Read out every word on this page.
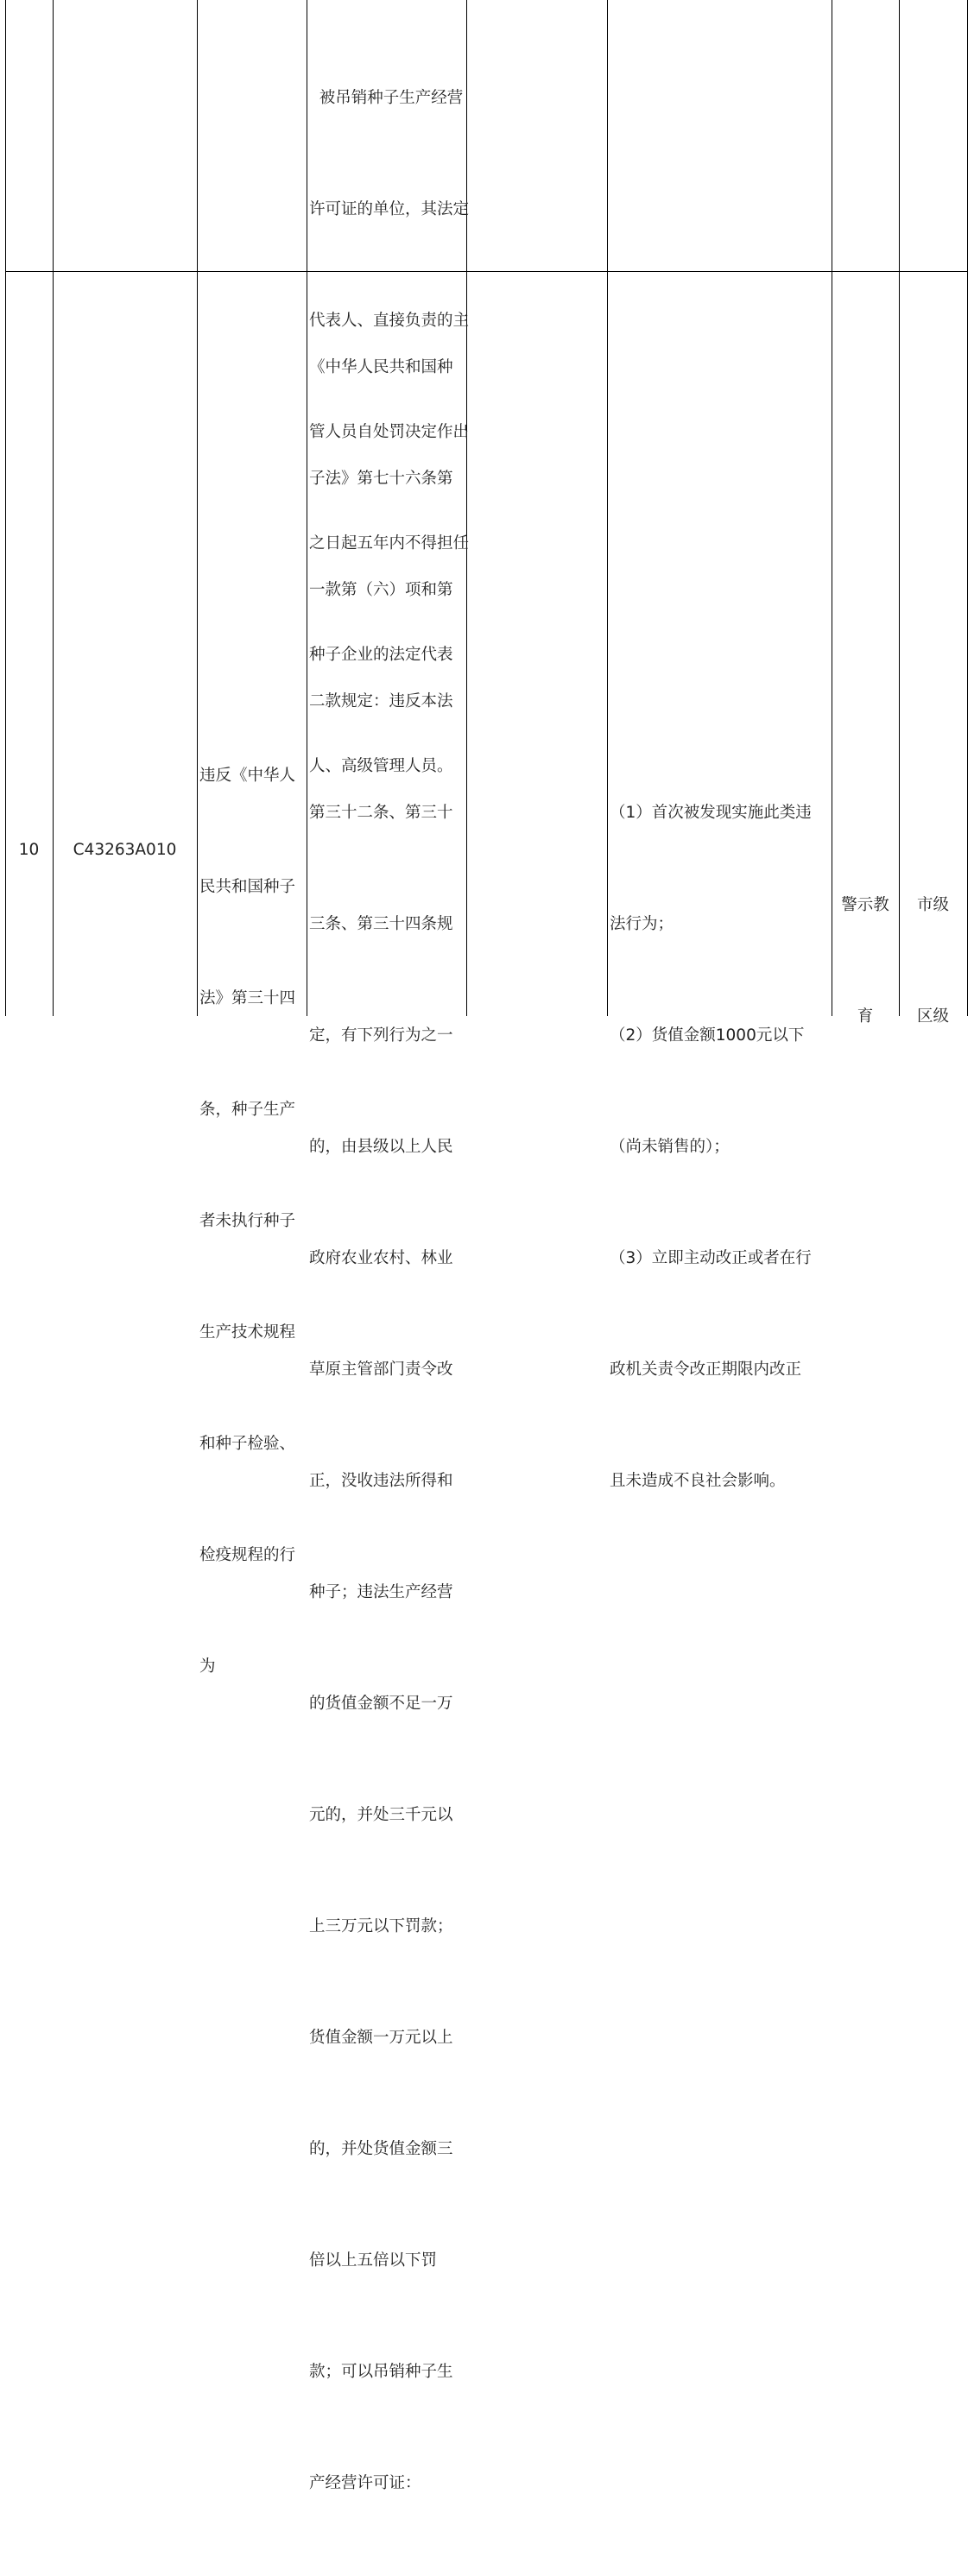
被吊销种子生产经营

许可证的单位，其法定

代表人、直接负责的主

管人员自处罚决定作出

之日起五年内不得担任

种子企业的法定代表

人、高级管理人员。

10	C43263A010

违反《中华人

民共和国种子

法》第三十四

条，种子生产

者未执行种子

生产技术规程

和种子检验、

检疫规程的行

为

《中华人民共和国种

子法》第七十六条第

一款第（六）项和第

二款规定：违反本法

第三十二条、第三十

三条、第三十四条规

定，有下列行为之一

的，由县级以上人民

政府农业农村、林业

草原主管部门责令改

正，没收违法所得和

种子；违法生产经营

的货值金额不足一万

元的，并处三千元以

上三万元以下罚款；

货值金额一万元以上

的，并处货值金额三

倍以上五倍以下罚

款；可以吊销种子生

产经营许可证：

（1）首次被发现实施此类违

法行为；

（2）货值金额1000元以下

（尚未销售的）；

（3）立即主动改正或者在行

政机关责令改正期限内改正

且未造成不良社会影响。

警示教

育

市级

区级
